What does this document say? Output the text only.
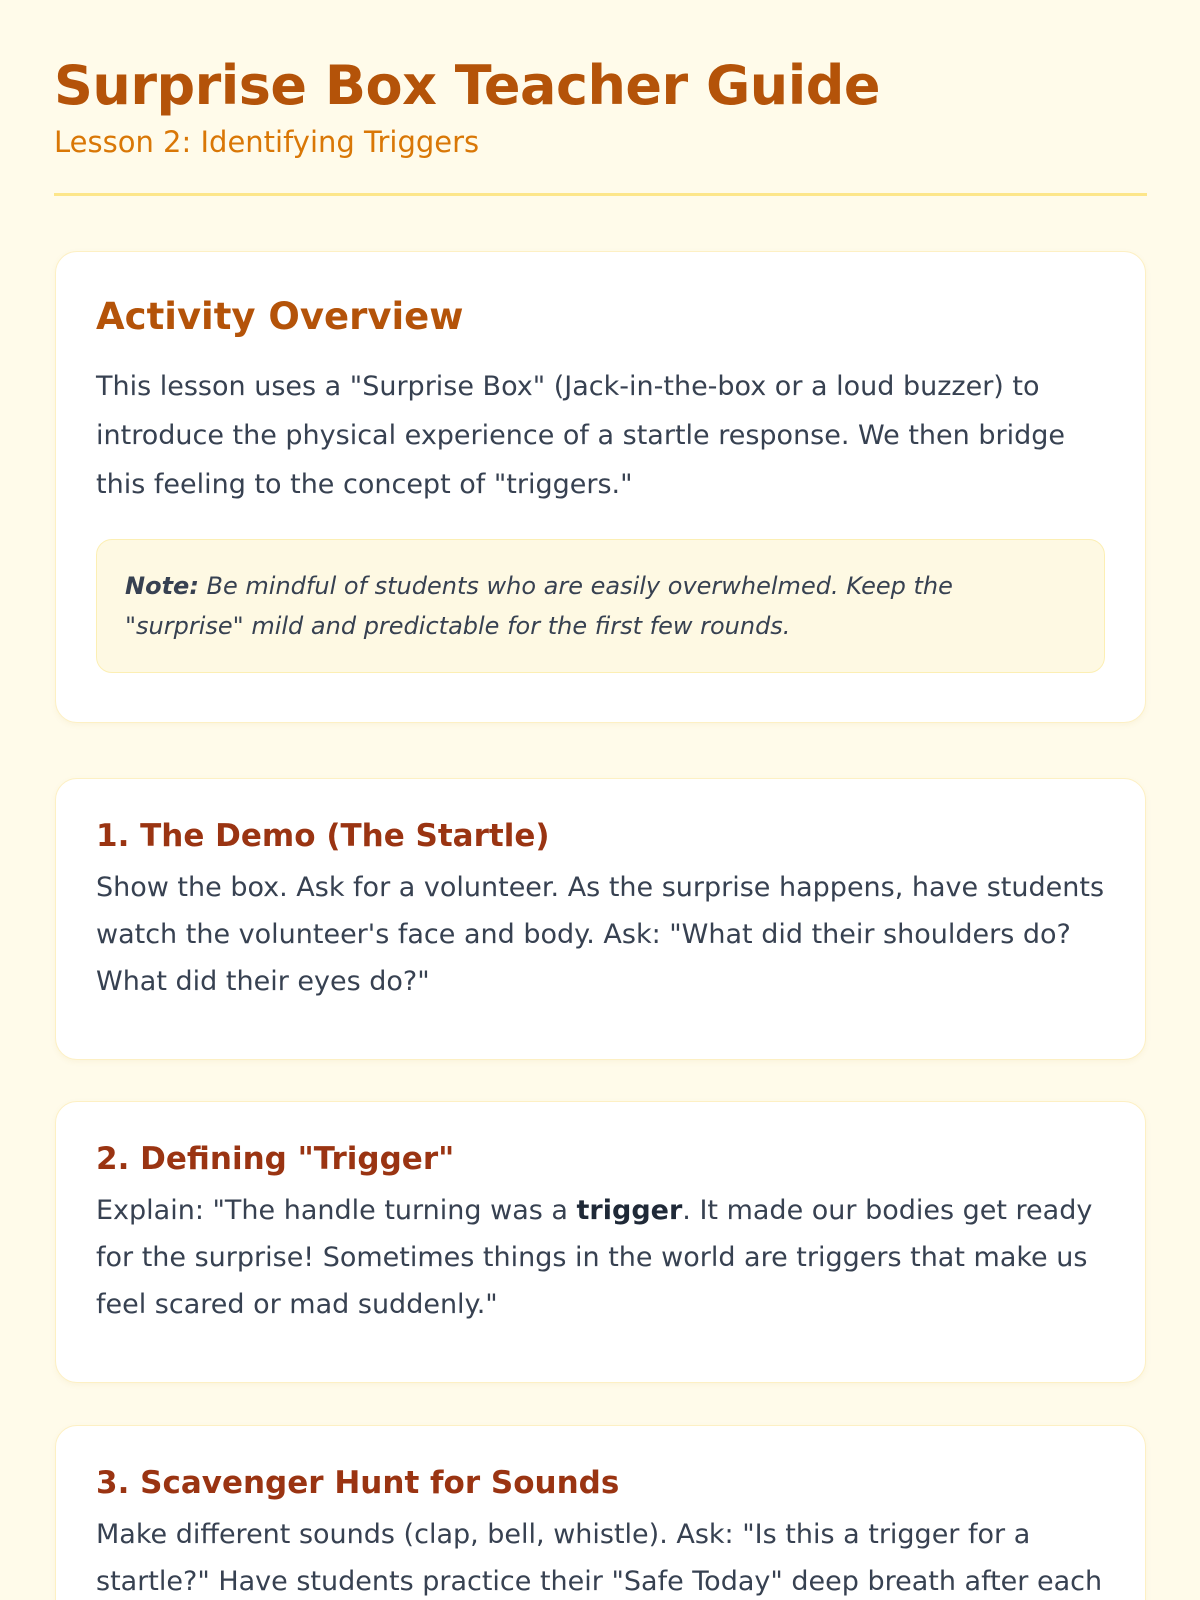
Surprise Box Teacher Guide
Lesson 2: Identifying Triggers
Activity Overview

This lesson uses a "Surprise Box" (Jack-in-the-box or a loud buzzer) to introduce the physical experience of a startle response. We then bridge this feeling to the concept of "triggers."

Note: Be mindful of students who are easily overwhelmed. Keep the "surprise" mild and predictable for the first few rounds.
1. The Demo (The Startle)

Show the box. Ask for a volunteer. As the surprise happens, have students watch the volunteer's face and body. Ask: "What did their shoulders do? What did their eyes do?"

2. Defining "Trigger"

Explain: "The handle turning was a trigger. It made our bodies get ready for the surprise! Sometimes things in the world are triggers that make us feel scared or mad suddenly."

3. Scavenger Hunt for Sounds

Make different sounds (clap, bell, whistle). Ask: "Is this a trigger for a startle?" Have students practice their "Safe Today" deep breath after each
